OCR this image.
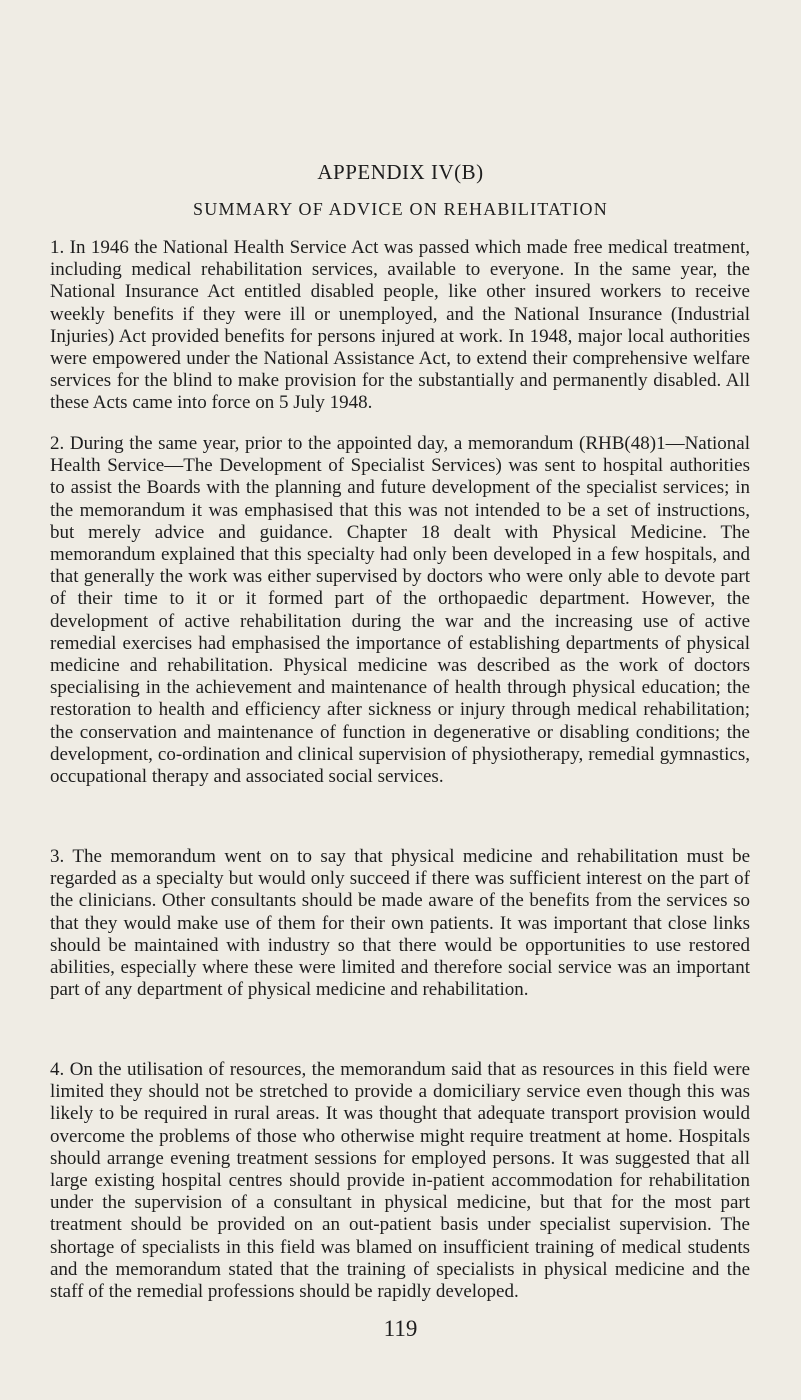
APPENDIX IV(B)
SUMMARY OF ADVICE ON REHABILITATION

1. In 1946 the National Health Service Act was passed which made free medical treatment, including medical rehabilitation services, available to everyone. In the same year, the National Insurance Act entitled disabled people, like other insured workers to receive weekly benefits if they were ill or unemployed, and the National Insurance (Industrial Injuries) Act provided benefits for persons injured at work. In 1948, major local authorities were empowered under the National Assistance Act, to extend their comprehensive welfare services for the blind to make provision for the substantially and permanently disabled. All these Acts came into force on 5 July 1948.

2. During the same year, prior to the appointed day, a memorandum (RHB(48)1—National Health Service—The Development of Specialist Services) was sent to hospital authorities to assist the Boards with the planning and future development of the specialist services; in the memorandum it was emphasised that this was not intended to be a set of instructions, but merely advice and guidance. Chapter 18 dealt with Physical Medicine. The memorandum explained that this specialty had only been developed in a few hospitals, and that generally the work was either supervised by doctors who were only able to devote part of their time to it or it formed part of the orthopaedic department. However, the development of active rehabilitation during the war and the increasing use of active remedial exercises had emphasised the importance of establishing departments of physical medicine and rehabilitation. Physical medicine was described as the work of doctors specialising in the achievement and maintenance of health through physical education; the restoration to health and efficiency after sickness or injury through medical rehabilitation; the conservation and maintenance of function in degenerative or disabling conditions; the development, co-ordination and clinical supervision of physiotherapy, remedial gymnastics, occupational therapy and associated social services.

3. The memorandum went on to say that physical medicine and rehabilitation must be regarded as a specialty but would only succeed if there was sufficient interest on the part of the clinicians. Other consultants should be made aware of the benefits from the services so that they would make use of them for their own patients. It was important that close links should be maintained with industry so that there would be opportunities to use restored abilities, especially where these were limited and therefore social service was an important part of any department of physical medicine and rehabilitation.

4. On the utilisation of resources, the memorandum said that as resources in this field were limited they should not be stretched to provide a domiciliary service even though this was likely to be required in rural areas. It was thought that adequate transport provision would overcome the problems of those who otherwise might require treatment at home. Hospitals should arrange evening treatment sessions for employed persons. It was suggested that all large existing hospital centres should provide in-patient accommodation for rehabilitation under the supervision of a consultant in physical medicine, but that for the most part treatment should be provided on an out-patient basis under specialist supervision. The shortage of specialists in this field was blamed on insufficient training of medical students and the memorandum stated that the training of specialists in physical medicine and the staff of the remedial professions should be rapidly developed.

119
